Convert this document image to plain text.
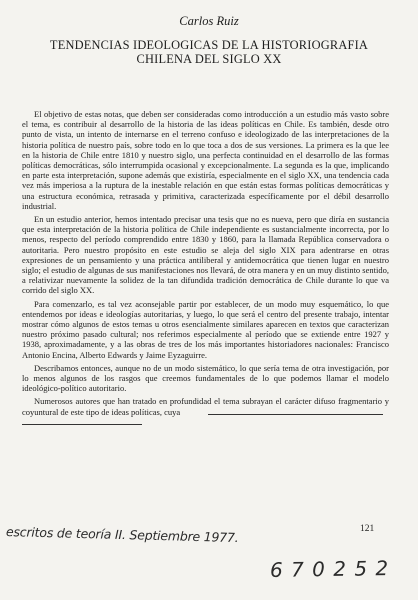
Carlos Ruiz
TENDENCIAS IDEOLOGICAS DE LA HISTORIOGRAFIA
CHILENA DEL SIGLO XX

El objetivo de estas notas, que deben ser consideradas como introducción a un estudio más vasto sobre el tema, es contribuir al desarrollo de la historia de las ideas políticas en Chile. Es también, desde otro punto de vista, un intento de internarse en el terreno confuso e ideologizado de las interpretaciones de la historia política de nuestro país, sobre todo en lo que toca a dos de sus versiones. La primera es la que lee en la historia de Chile entre 1810 y nuestro siglo, una perfecta continuidad en el desarrollo de las formas políticas democráticas, sólo interrumpida ocasional y excepcionalmente. La segunda es la que, implicando en parte esta interpretación, supone además que existiría, especialmente en el siglo XX, una tendencia cada vez más imperiosa a la ruptura de la inestable relación en que están estas formas políticas democráticas y una estructura económica, retrasada y primitiva, caracterizada específicamente por el débil desarrollo industrial.

En un estudio anterior, hemos intentado precisar una tesis que no es nueva, pero que diría en sustancia que esta interpretación de la historia política de Chile independiente es sustancialmente incorrecta, por lo menos, respecto del período comprendido entre 1830 y 1860, para la llamada República conservadora o autoritaria. Pero nuestro propósito en este estudio se aleja del siglo XIX para adentrarse en otras expresiones de un pensamiento y una práctica antiliberal y antidemocrática que tienen lugar en nuestro siglo; el estudio de algunas de sus manifestaciones nos llevará, de otra manera y en un muy distinto sentido, a relativizar nuevamente la solidez de la tan difundida tradición democrática de Chile durante lo que va corrido del siglo XX.

Para comenzarlo, es tal vez aconsejable partir por establecer, de un modo muy esquemático, lo que entendemos por ideas e ideologías autoritarias, y luego, lo que será el centro del presente trabajo, intentar mostrar cómo algunos de estos temas u otros esencialmente similares aparecen en textos que caracterizan nuestro próximo pasado cultural; nos referimos especialmente al período que se extiende entre 1927 y 1938, aproximadamente, y a las obras de tres de los más importantes historiadores nacionales: Francisco Antonio Encina, Alberto Edwards y Jaime Eyzaguirre.

Describamos entonces, aunque no de un modo sistemático, lo que sería tema de otra investigación, por lo menos algunos de los rasgos que creemos fundamentales de lo que podemos llamar el modelo ideológico-político autoritario.

Numerosos autores que han tratado en profundidad el tema subrayan el carácter difuso fragmentario y coyuntural de este tipo de ideas políticas, cuya

121
escritos de teoría II. Septiembre 1977.
6 7 0 2 5 2
